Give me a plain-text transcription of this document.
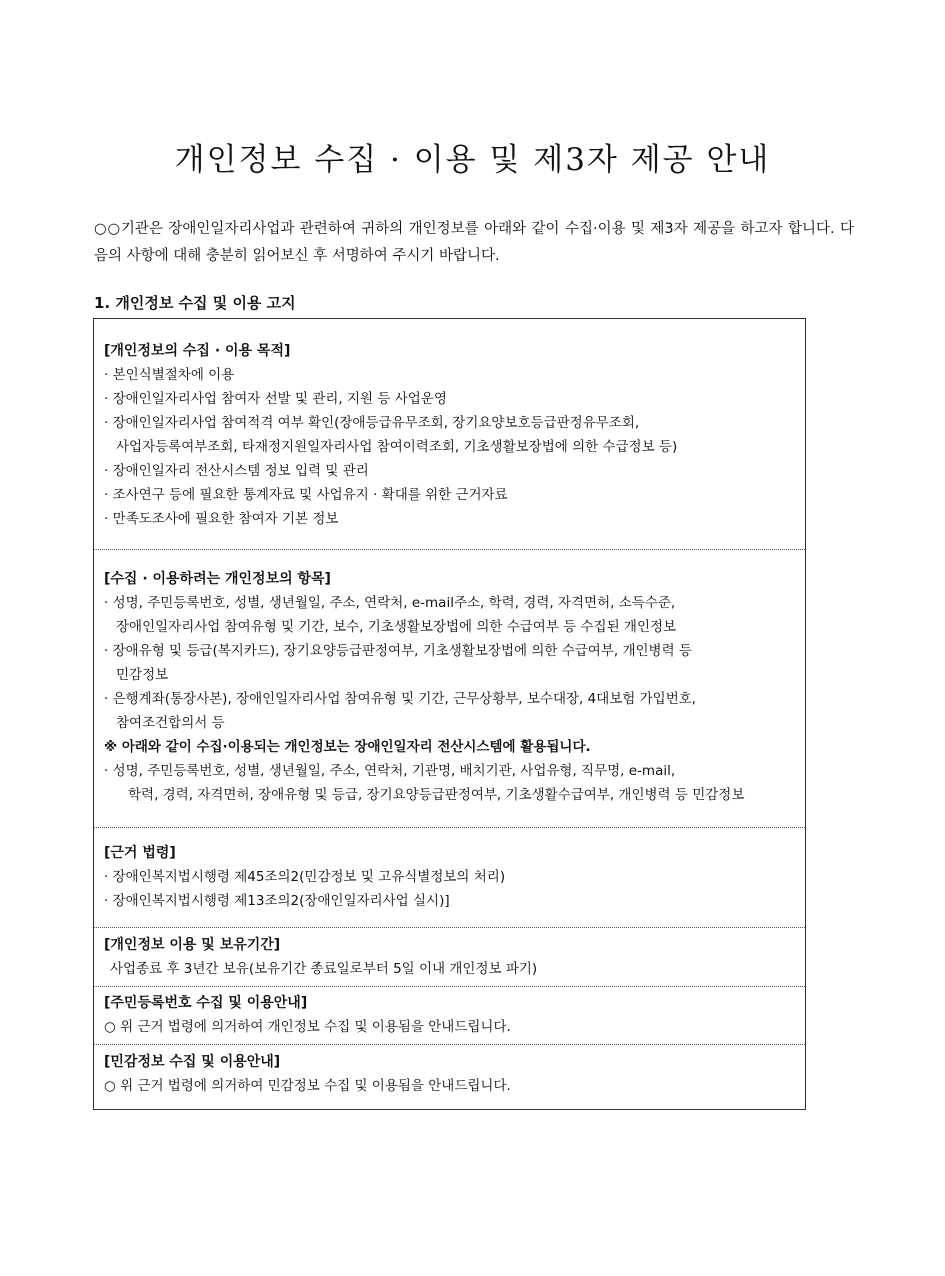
개인정보 수집 · 이용 및 제3자 제공 안내

○○기관은 장애인일자리사업과 관련하여 귀하의 개인정보를 아래와 같이 수집·이용 및 제3자 제공을 하고자 합니다. 다음의 사항에 대해 충분히 읽어보신 후 서명하여 주시기 바랍니다.

1. 개인정보 수집 및 이용 고지

[개인정보의 수집 · 이용 목적]

· 본인식별절차에 이용

· 장애인일자리사업 참여자 선발 및 관리, 지원 등 사업운영

· 장애인일자리사업 참여적격 여부 확인(장애등급유무조회, 장기요양보호등급판정유무조회,

사업자등록여부조회, 타재정지원일자리사업 참여이력조회, 기초생활보장법에 의한 수급정보 등)

· 장애인일자리 전산시스템 정보 입력 및 관리

· 조사연구 등에 필요한 통계자료 및 사업유지 · 확대를 위한 근거자료

· 만족도조사에 필요한 참여자 기본 정보

[수집 · 이용하려는 개인정보의 항목]

· 성명, 주민등록번호, 성별, 생년월일, 주소, 연락처, e-mail주소, 학력, 경력, 자격면허, 소득수준,

장애인일자리사업 참여유형 및 기간, 보수, 기초생활보장법에 의한 수급여부 등 수집된 개인정보

· 장애유형 및 등급(복지카드), 장기요양등급판정여부, 기초생활보장법에 의한 수급여부, 개인병력 등

민감정보

· 은행계좌(통장사본), 장애인일자리사업 참여유형 및 기간, 근무상황부, 보수대장, 4대보험 가입번호,

참여조건합의서 등

※ 아래와 같이 수집·이용되는 개인정보는 장애인일자리 전산시스템에 활용됩니다.

· 성명, 주민등록번호, 성별, 생년월일, 주소, 연락처, 기관명, 배치기관, 사업유형, 직무명, e-mail,

학력, 경력, 자격면허, 장애유형 및 등급, 장기요양등급판정여부, 기초생활수급여부, 개인병력 등 민감정보

[근거 법령]

· 장애인복지법시행령 제45조의2(민감정보 및 고유식별정보의 처리)

· 장애인복지법시행령 제13조의2(장애인일자리사업 실시)]

[개인정보 이용 및 보유기간]

사업종료 후 3년간 보유(보유기간 종료일로부터 5일 이내 개인정보 파기)

[주민등록번호 수집 및 이용안내]

○ 위 근거 법령에 의거하여 개인정보 수집 및 이용됨을 안내드립니다.

[민감정보 수집 및 이용안내]

○ 위 근거 법령에 의거하여 민감정보 수집 및 이용됨을 안내드립니다.
